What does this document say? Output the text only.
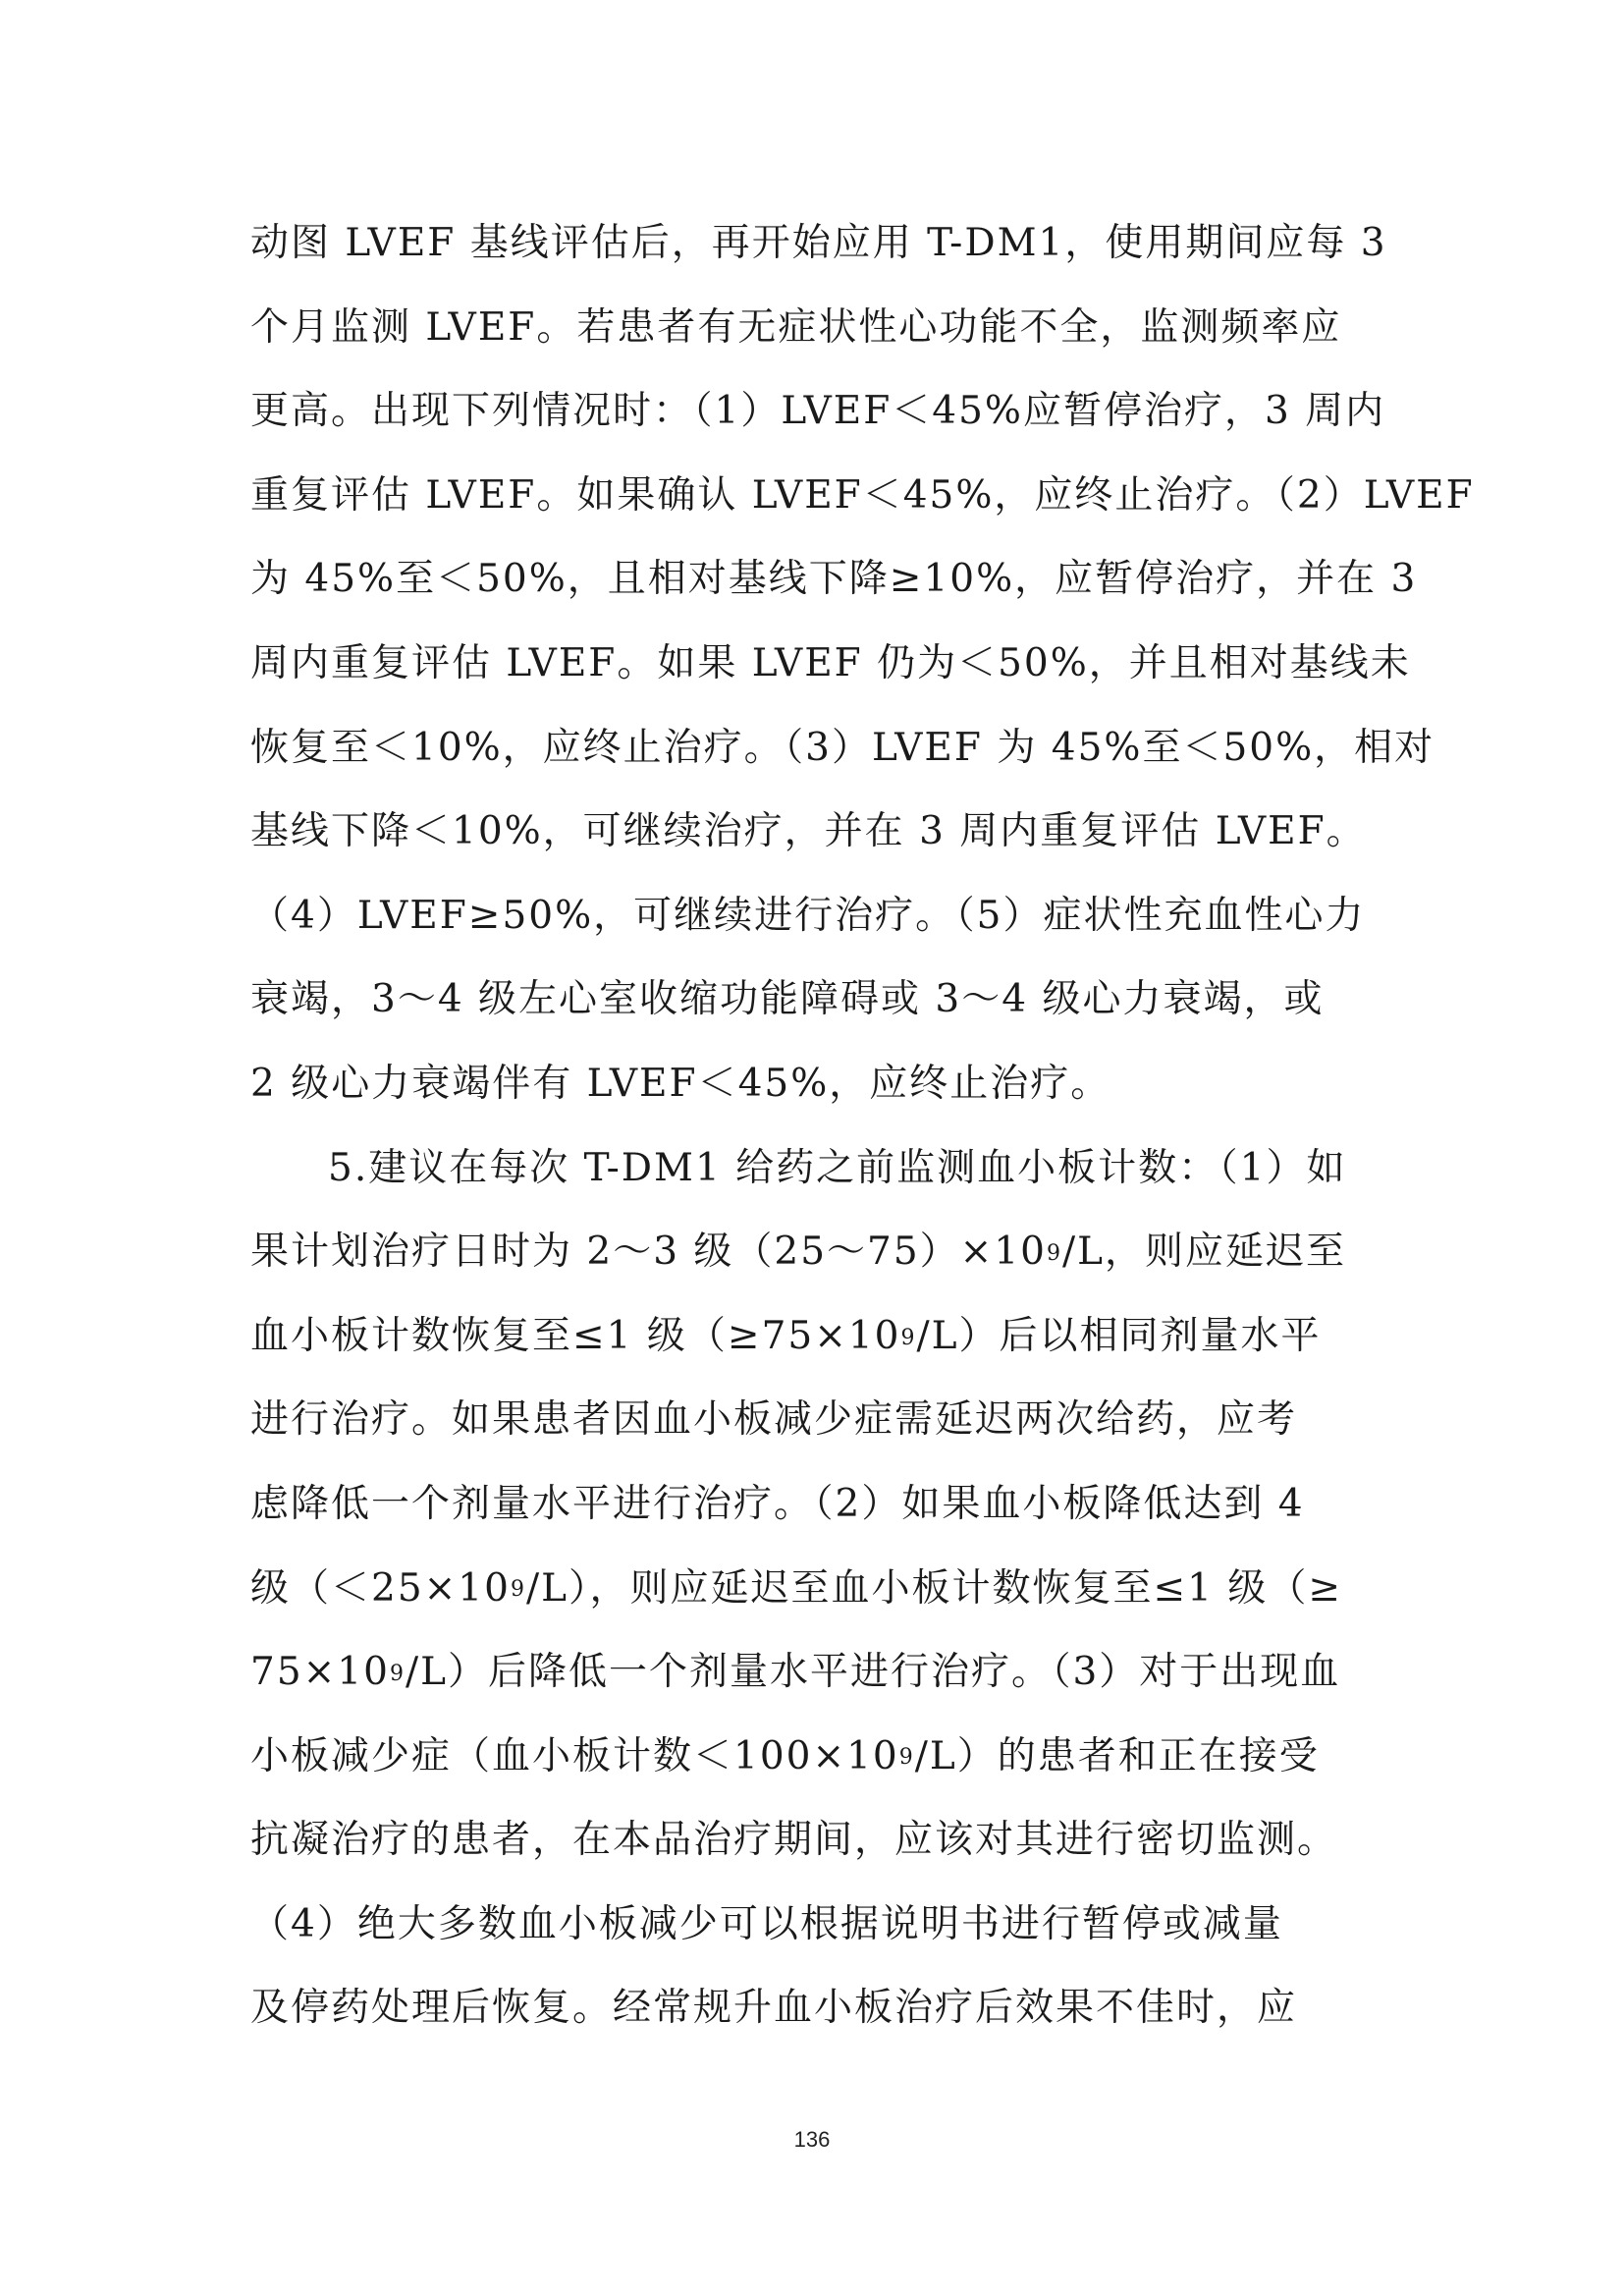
动图 LVEF 基线评估后，再开始应用 T-DM1，使用期间应每 3
个月监测 LVEF。若患者有无症状性心功能不全，监测频率应
更高。出现下列情况时：（1）LVEF＜45%应暂停治疗，3 周内
重复评估 LVEF。如果确认 LVEF＜45%，应终止治疗。（2）LVEF
为 45%至＜50%，且相对基线下降≥10%，应暂停治疗，并在 3
周内重复评估 LVEF。如果 LVEF 仍为＜50%，并且相对基线未
恢复至＜10%，应终止治疗。（3）LVEF 为 45%至＜50%，相对
基线下降＜10%，可继续治疗，并在 3 周内重复评估 LVEF。
（4）LVEF≥50%，可继续进行治疗。（5）症状性充血性心力
衰竭，3～4 级左心室收缩功能障碍或 3～4 级心力衰竭，或
2 级心力衰竭伴有 LVEF＜45%，应终止治疗。
5.建议在每次 T-DM1 给药之前监测血小板计数：（1）如
果计划治疗日时为 2～3 级$(25\sim 75)\times 10^9$ /L，则应延迟至
血小板计数恢复至≤1 级（$\ge 75\times 10^9$ /L）后以相同剂量水平
进行治疗。如果患者因血小板减少症需延迟两次给药，应考
虑降低一个剂量水平进行治疗。（2）如果血小板降低达到 4
级（$<25\times 10^9$ /L），则应延迟至血小板计数恢复至≤1 级（≥
$75\times 10^9$ /L）后降低一个剂量水平进行治疗。（3）对于出现血
小板减少症（血小板计数$<100\times 10^9$ /L）的患者和正在接受
抗凝治疗的患者，在本品治疗期间，应该对其进行密切监测。
（4）绝大多数血小板减少可以根据说明书进行暂停或减量
及停药处理后恢复。经常规升血小板治疗后效果不佳时，应
136
